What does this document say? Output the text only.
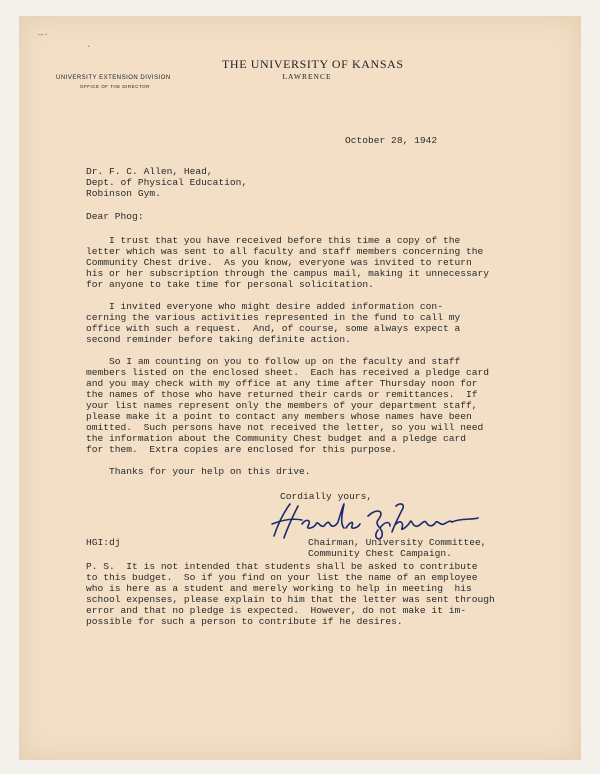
—·
·
THE UNIVERSITY OF KANSAS
LAWRENCE
UNIVERSITY EXTENSION DIVISION
OFFICE OF THE DIRECTOR
October 28, 1942
Dr. F. C. Allen, Head,
Dept. of Physical Education,
Robinson Gym.
Dear Phog:
I trust that you have received before this time a copy of the
letter which was sent to all faculty and staff members concerning the
Community Chest drive.  As you know, everyone was invited to return
his or her subscription through the campus mail, making it unnecessary
for anyone to take time for personal solicitation.
I invited everyone who might desire added information con-
cerning the various activities represented in the fund to call my
office with such a request.  And, of course, some always expect a
second reminder before taking definite action.
So I am counting on you to follow up on the faculty and staff
members listed on the enclosed sheet.  Each has received a pledge card
and you may check with my office at any time after Thursday noon for
the names of those who have returned their cards or remittances.  If
your list names represent only the members of your department staff,
please make it a point to contact any members whose names have been
omitted.  Such persons have not received the letter, so you will need
the information about the Community Chest budget and a pledge card
for them.  Extra copies are enclosed for this purpose.
Thanks for your help on this drive.
Cordially yours,
HGI:dj	Chairman, University Committee,
Community Chest Campaign.
P. S.  It is not intended that students shall be asked to contribute
to this budget.  So if you find on your list the name of an employee
who is here as a student and merely working to help in meeting  his
school expenses, please explain to him that the letter was sent through
error and that no pledge is expected.  However, do not make it im-
possible for such a person to contribute if he desires.
